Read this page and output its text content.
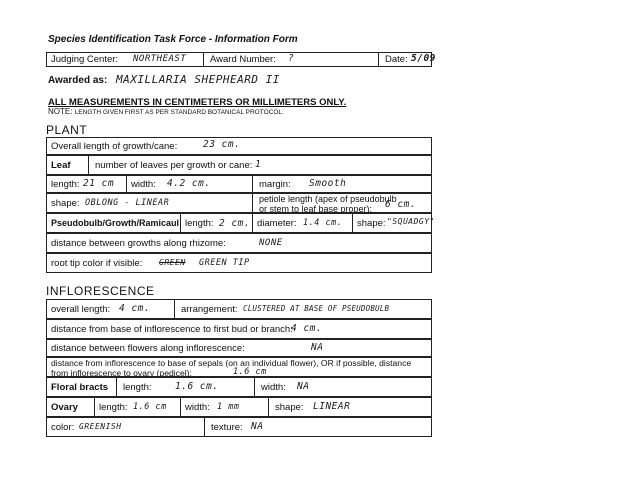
Species Identification Task Force - Information Form
Judging Center: NORTHEAST Award Number: ?	Date: 5/09
Awarded as: MAXILLARIA SHEPHEARD II
ALL MEASUREMENTS IN CENTIMETERS OR MILLIMETERS ONLY.
NOTE: LENGTH GIVEN FIRST AS PER STANDARD BOTANICAL PROTOCOL.
PLANT
Overall length of growth/cane:	23 cm.
Leaf	number of leaves per growth or cane: 1
length: 21 cm width: 4.2 cm.	margin: Smooth
shape: OBLONG - LINEAR	petiole length (apex of pseudobulb
or stem to leaf base proper): 6 cm.
Pseudobulb/Growth/Ramicaul length: 2 cm. diameter: 1.4 cm. shape: "SQUADGY"
distance between growths along rhizome:	NONE
root tip color if visible: GREEN GREEN TIP
INFLORESCENCE
overall length: 4 cm.	arrangement: CLUSTERED AT BASE OF PSEUDOBULB
distance from base of inflorescence to first bud or branch:
4 cm.
distance between flowers along inflorescence:	NA
distance from inflorescence to base of sepals (on an individual flower), OR if possible, distance
from inflorescence to ovary (pedicel):	1.6 cm
Floral bracts length: 1.6 cm.	width: NA
Ovary length: 1.6 cm width: 1 mm	shape: LINEAR
color: GREENISH	texture: NA
